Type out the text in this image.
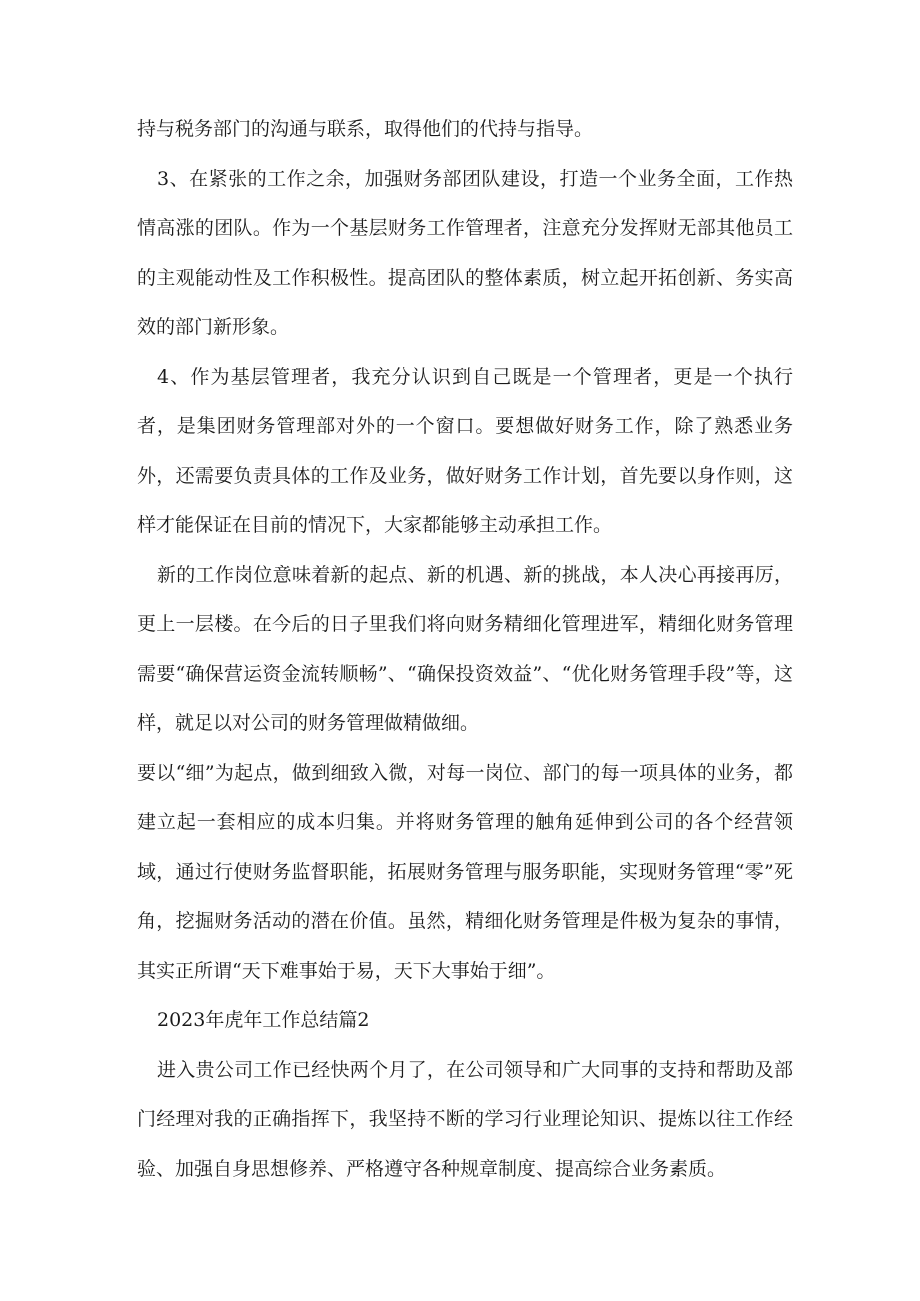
持与税务部门的沟通与联系，取得他们的代持与指导。

3、在紧张的工作之余，加强财务部团队建设，打造一个业务全面，工作热情高涨的团队。作为一个基层财务工作管理者，注意充分发挥财无部其他员工的主观能动性及工作积极性。提高团队的整体素质，树立起开拓创新、务实高效的部门新形象。

4、作为基层管理者，我充分认识到自己既是一个管理者，更是一个执行者，是集团财务管理部对外的一个窗口。要想做好财务工作，除了熟悉业务外，还需要负责具体的工作及业务，做好财务工作计划，首先要以身作则，这样才能保证在目前的情况下，大家都能够主动承担工作。

新的工作岗位意味着新的起点、新的机遇、新的挑战，本人决心再接再厉，更上一层楼。在今后的日子里我们将向财务精细化管理进军，精细化财务管理需要“确保营运资金流转顺畅”、“确保投资效益”、“优化财务管理手段”等，这样，就足以对公司的财务管理做精做细。

要以“细”为起点，做到细致入微，对每一岗位、部门的每一项具体的业务，都建立起一套相应的成本归集。并将财务管理的触角延伸到公司的各个经营领域，通过行使财务监督职能，拓展财务管理与服务职能，实现财务管理“零”死角，挖掘财务活动的潜在价值。虽然，精细化财务管理是件极为复杂的事情，其实正所谓“天下难事始于易，天下大事始于细”。

2023年虎年工作总结篇2

进入贵公司工作已经快两个月了，在公司领导和广大同事的支持和帮助及部门经理对我的正确指挥下，我坚持不断的学习行业理论知识、提炼以往工作经验、加强自身思想修养、严格遵守各种规章制度、提高综合业务素质。
